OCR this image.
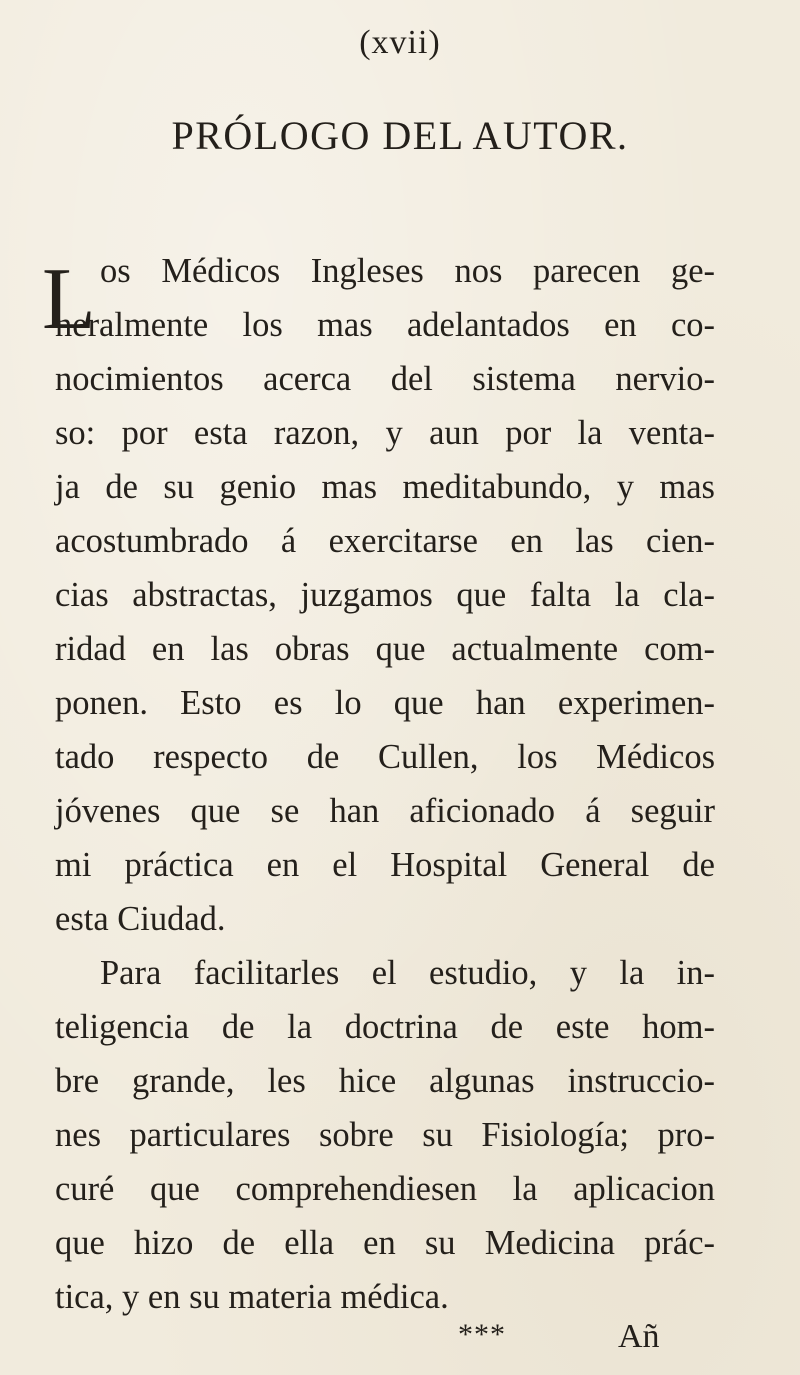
(xvii)
PRÓLOGO DEL AUTOR.
L os Médicos Ingleses nos parecen ge-
neralmente los mas adelantados en co-
nocimientos acerca del sistema nervio-
so: por esta razon, y aun por la venta-
ja de su genio mas meditabundo, y mas
acostumbrado á exercitarse en las cien-
cias abstractas, juzgamos que falta la cla-
ridad en las obras que actualmente com-
ponen. Esto es lo que han experimen-
tado respecto de Cullen, los Médicos
jóvenes que se han aficionado á seguir
mi práctica en el Hospital General de
esta Ciudad.
Para facilitarles el estudio, y la in-
teligencia de la doctrina de este hom-
bre grande, les hice algunas instruccio-
nes particulares sobre su Fisiología; pro-
curé que comprehendiesen la aplicacion
que hizo de ella en su Medicina prác-
tica, y en su materia médica.
***	Añ
